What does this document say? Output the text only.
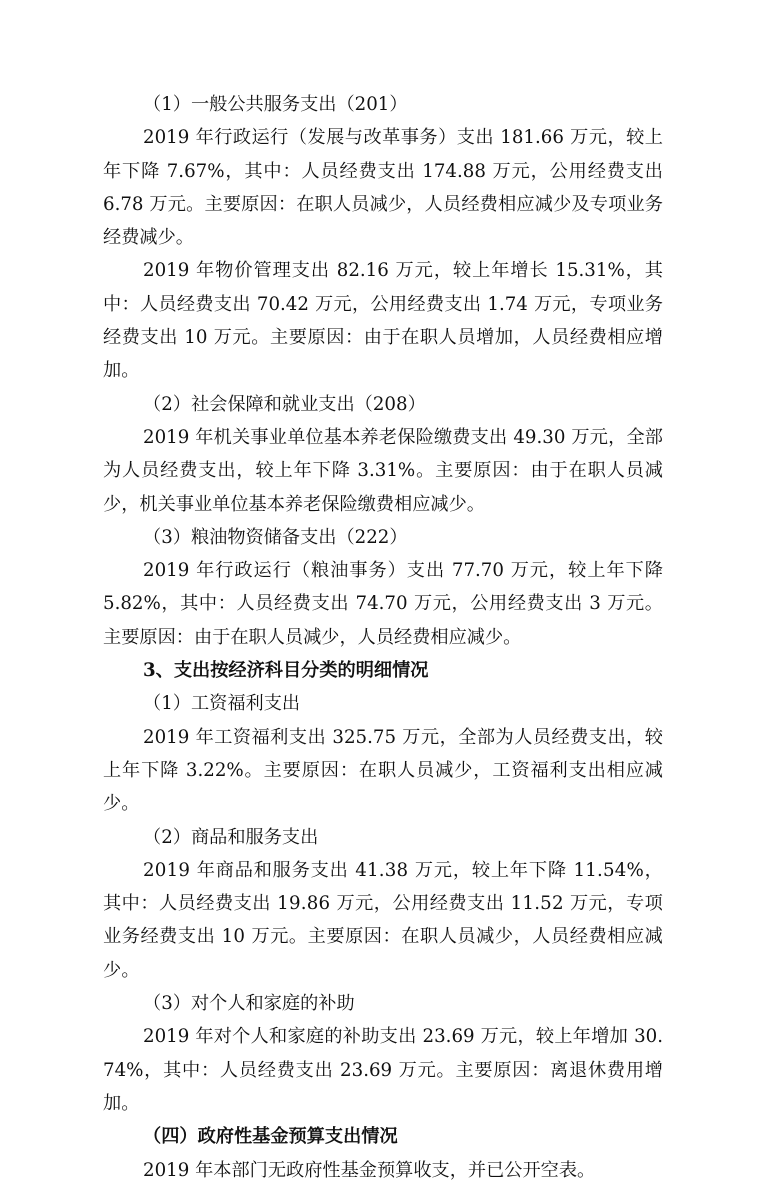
（1）一般公共服务支出（201）

2019 年行政运行（发展与改革事务）支出 181.66 万元，较上年下降 7.67%，其中：人员经费支出 174.88 万元，公用经费支出 6.78 万元。主要原因：在职人员减少，人员经费相应减少及专项业务经费减少。

2019 年物价管理支出 82.16 万元，较上年增长 15.31%，其中：人员经费支出 70.42 万元，公用经费支出 1.74 万元，专项业务经费支出 10 万元。主要原因：由于在职人员增加，人员经费相应增加。

（2）社会保障和就业支出（208）

2019 年机关事业单位基本养老保险缴费支出 49.30 万元，全部为人员经费支出，较上年下降 3.31%。主要原因：由于在职人员减少，机关事业单位基本养老保险缴费相应减少。

（3）粮油物资储备支出（222）

2019 年行政运行（粮油事务）支出 77.70 万元，较上年下降 5.82%，其中：人员经费支出 74.70 万元，公用经费支出 3 万元。主要原因：由于在职人员减少，人员经费相应减少。

3、支出按经济科目分类的明细情况

（1）工资福利支出

2019 年工资福利支出 325.75 万元，全部为人员经费支出，较上年下降 3.22%。主要原因：在职人员减少，工资福利支出相应减少。

（2）商品和服务支出

2019 年商品和服务支出 41.38 万元，较上年下降 11.54%，其中：人员经费支出 19.86 万元，公用经费支出 11.52 万元，专项业务经费支出 10 万元。主要原因：在职人员减少，人员经费相应减少。

（3）对个人和家庭的补助

2019 年对个人和家庭的补助支出 23.69 万元，较上年增加 30.74%，其中：人员经费支出 23.69 万元。主要原因：离退休费用增加。

（四）政府性基金预算支出情况

2019 年本部门无政府性基金预算收支，并已公开空表。
